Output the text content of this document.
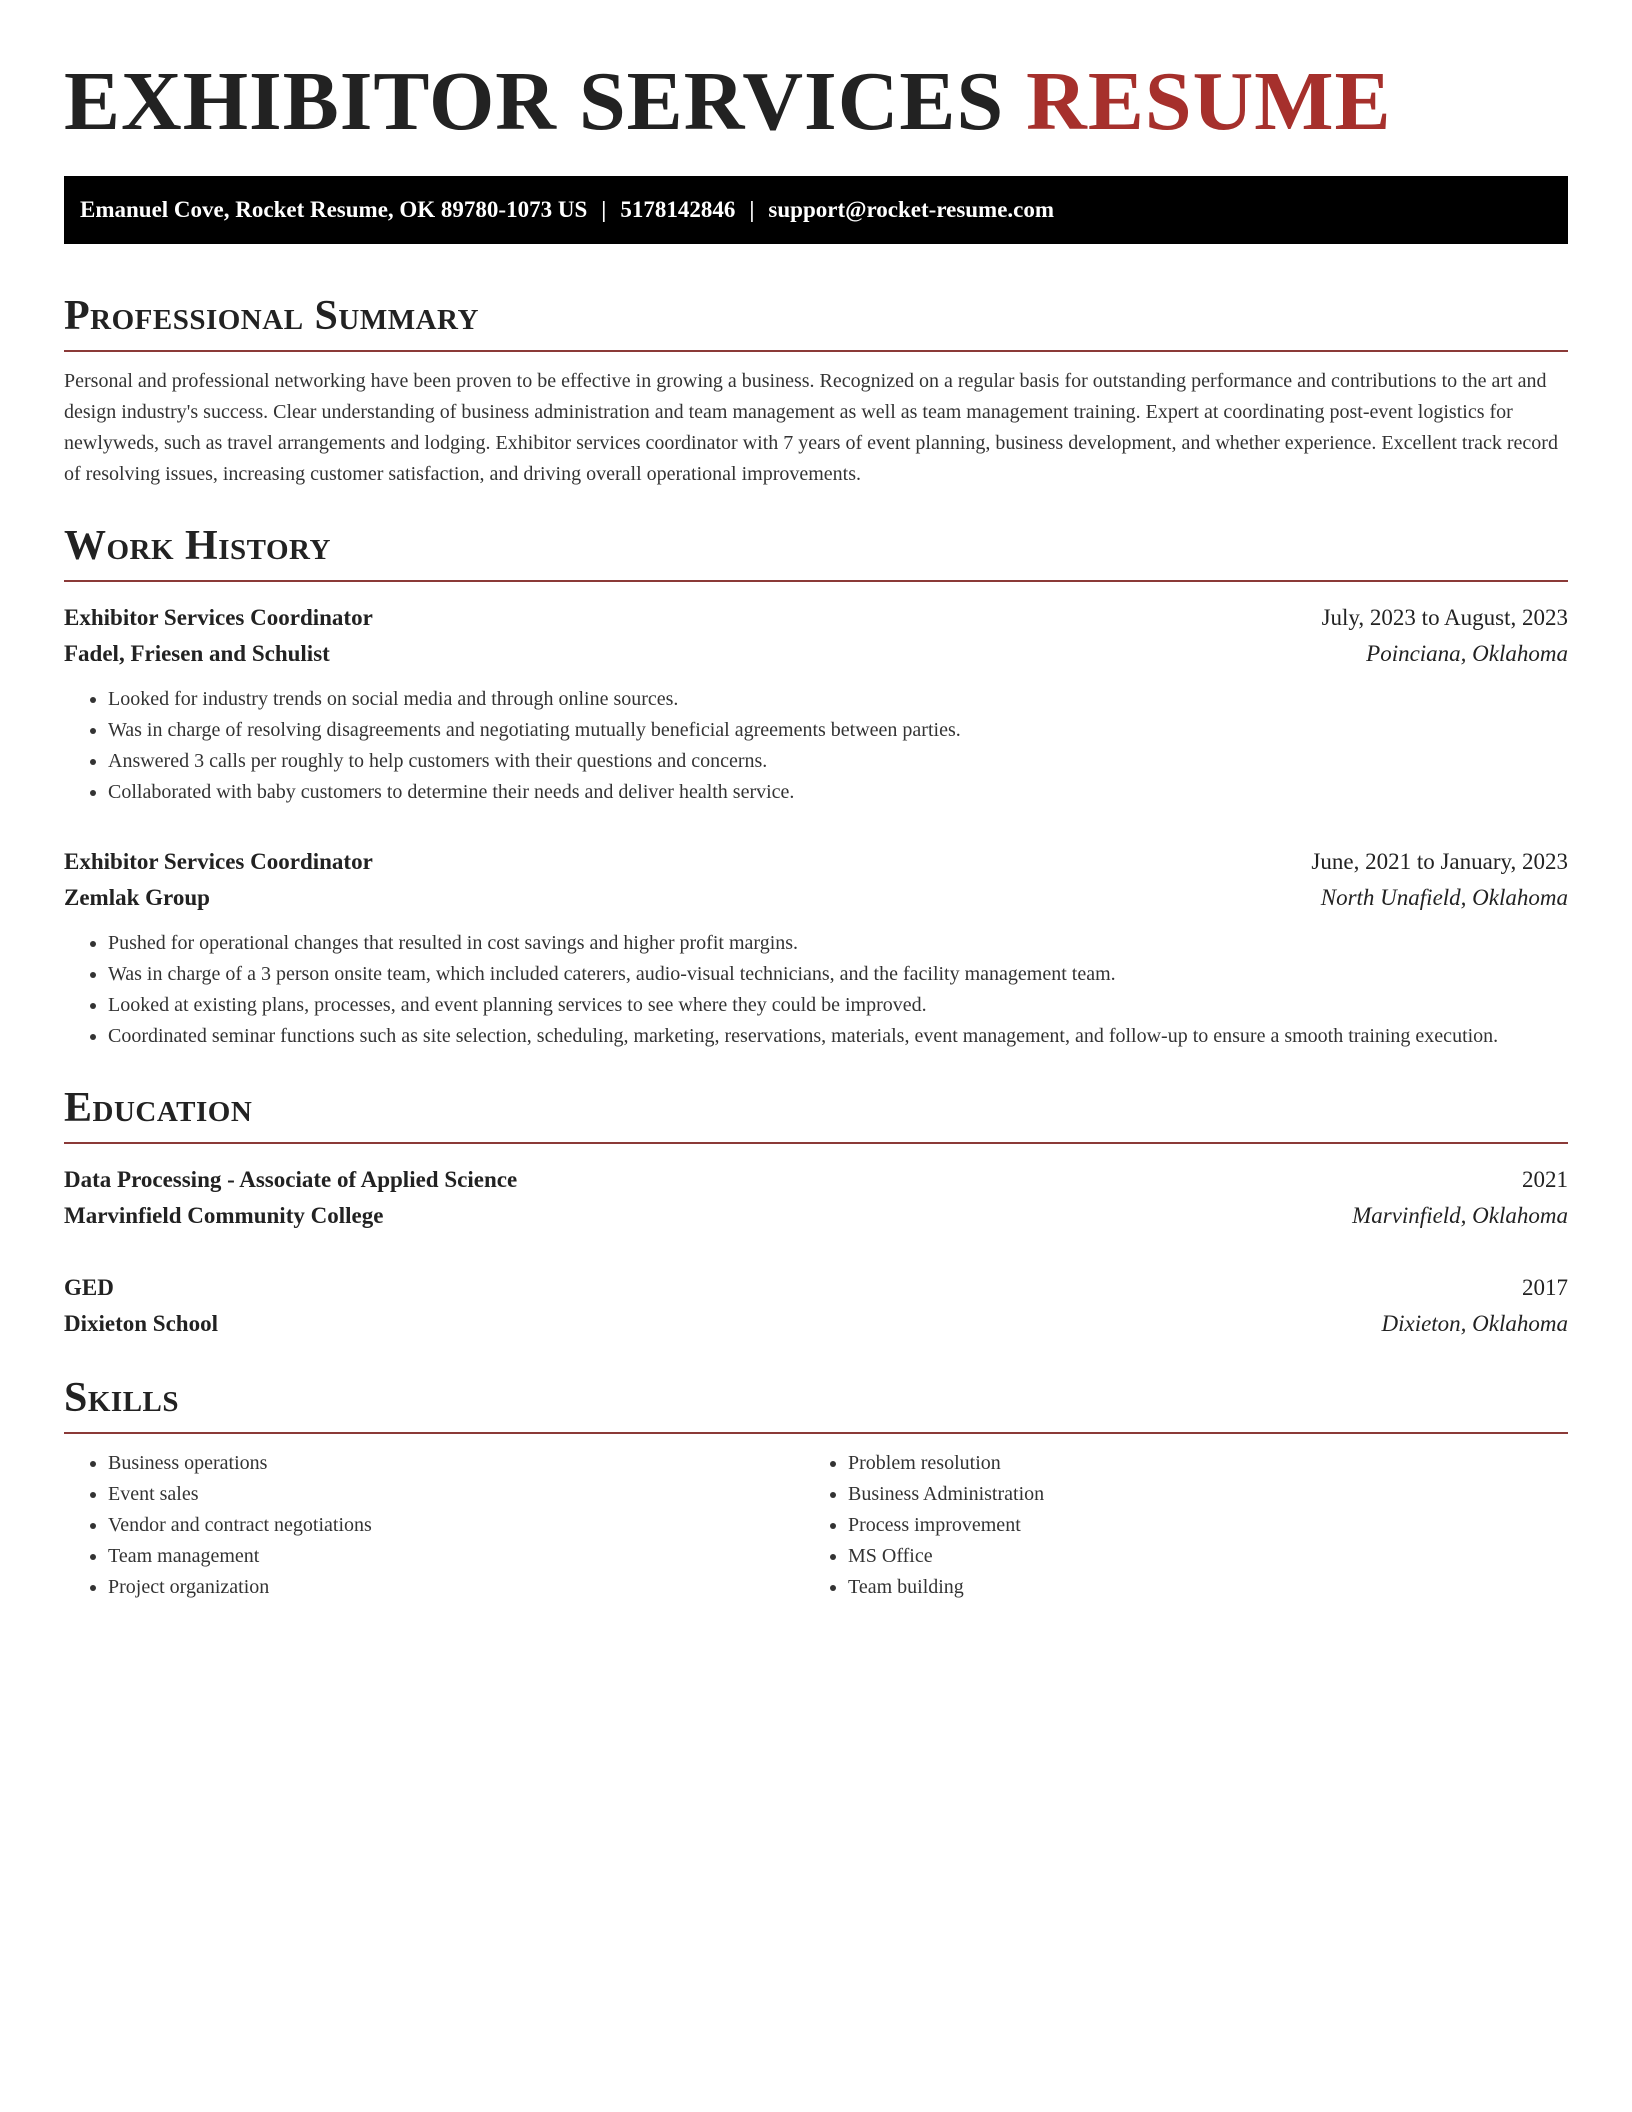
EXHIBITOR SERVICES RESUME
Emanuel Cove, Rocket Resume, OK 89780-1073 US | 5178142846 | support@rocket-resume.com
Professional Summary

Personal and professional networking have been proven to be effective in growing a business. Recognized on a regular basis for outstanding performance and contributions to the art and design industry's success. Clear understanding of business administration and team management as well as team management training. Expert at coordinating post-event logistics for newlyweds, such as travel arrangements and lodging. Exhibitor services coordinator with 7 years of event planning, business development, and whether experience. Excellent track record of resolving issues, increasing customer satisfaction, and driving overall operational improvements.

Work History
Exhibitor Services Coordinator	July, 2023 to August, 2023
Fadel, Friesen and Schulist	Poinciana, Oklahoma
• Looked for industry trends on social media and through online sources.
• Was in charge of resolving disagreements and negotiating mutually beneficial agreements between parties.
• Answered 3 calls per roughly to help customers with their questions and concerns.
• Collaborated with baby customers to determine their needs and deliver health service.
Exhibitor Services Coordinator	June, 2021 to January, 2023
Zemlak Group	North Unafield, Oklahoma
• Pushed for operational changes that resulted in cost savings and higher profit margins.
• Was in charge of a 3 person onsite team, which included caterers, audio-visual technicians, and the facility management team.
• Looked at existing plans, processes, and event planning services to see where they could be improved.
• Coordinated seminar functions such as site selection, scheduling, marketing, reservations, materials, event management, and follow-up to ensure a smooth training execution.
Education
Data Processing - Associate of Applied Science	2021
Marvinfield Community College	Marvinfield, Oklahoma
GED	2017
Dixieton School	Dixieton, Oklahoma
Skills
• Business operations
• Event sales
• Vendor and contract negotiations
• Team management
• Project organization
• Problem resolution
• Business Administration
• Process improvement
• MS Office
• Team building
